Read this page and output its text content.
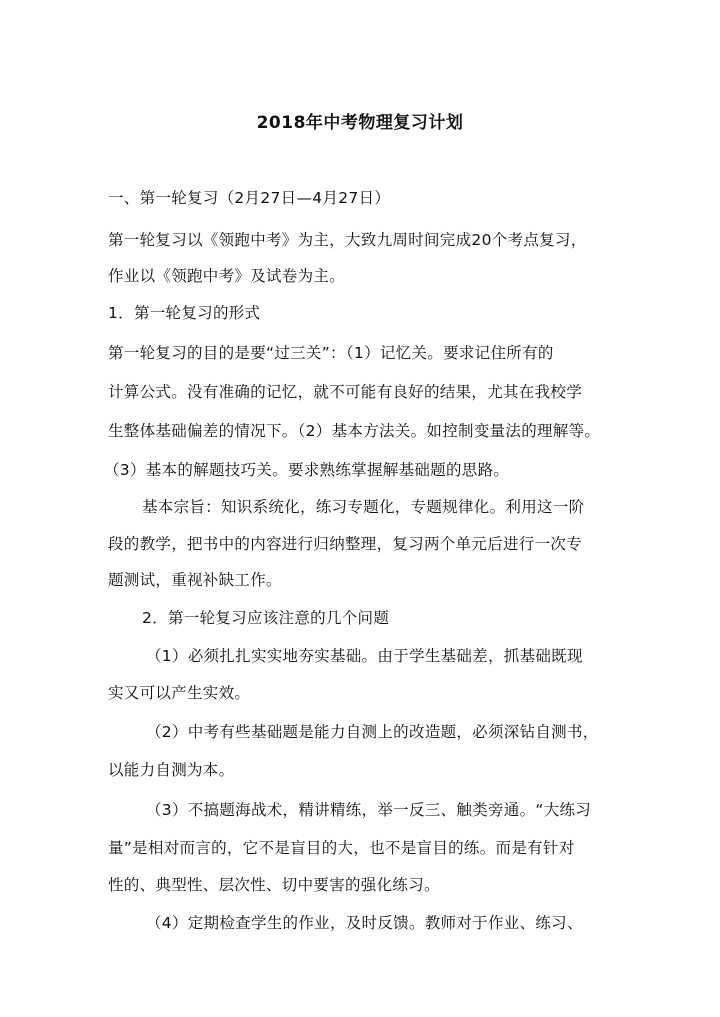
2018年中考物理复习计划
一、第一轮复习（2月27日—4月27日）
第一轮复习以《领跑中考》为主，大致九周时间完成20个考点复习，
作业以《领跑中考》及试卷为主。
1．第一轮复习的形式
第一轮复习的目的是要“过三关”：（1）记忆关。要求记住所有的
计算公式。没有准确的记忆，就不可能有良好的结果，尤其在我校学
生整体基础偏差的情况下。（2）基本方法关。如控制变量法的理解等。
（3）基本的解题技巧关。要求熟练掌握解基础题的思路。
基本宗旨：知识系统化，练习专题化，专题规律化。利用这一阶
段的教学，把书中的内容进行归纳整理，复习两个单元后进行一次专
题测试，重视补缺工作。
2．第一轮复习应该注意的几个问题
（1）必须扎扎实实地夯实基础。由于学生基础差，抓基础既现
实又可以产生实效。
（2）中考有些基础题是能力自测上的改造题，必须深钻自测书，
以能力自测为本。
（3）不搞题海战术，精讲精练，举一反三、触类旁通。“大练习
量”是相对而言的，它不是盲目的大，也不是盲目的练。而是有针对
性的、典型性、层次性、切中要害的强化练习。
（4）定期检查学生的作业，及时反馈。教师对于作业、练习、
